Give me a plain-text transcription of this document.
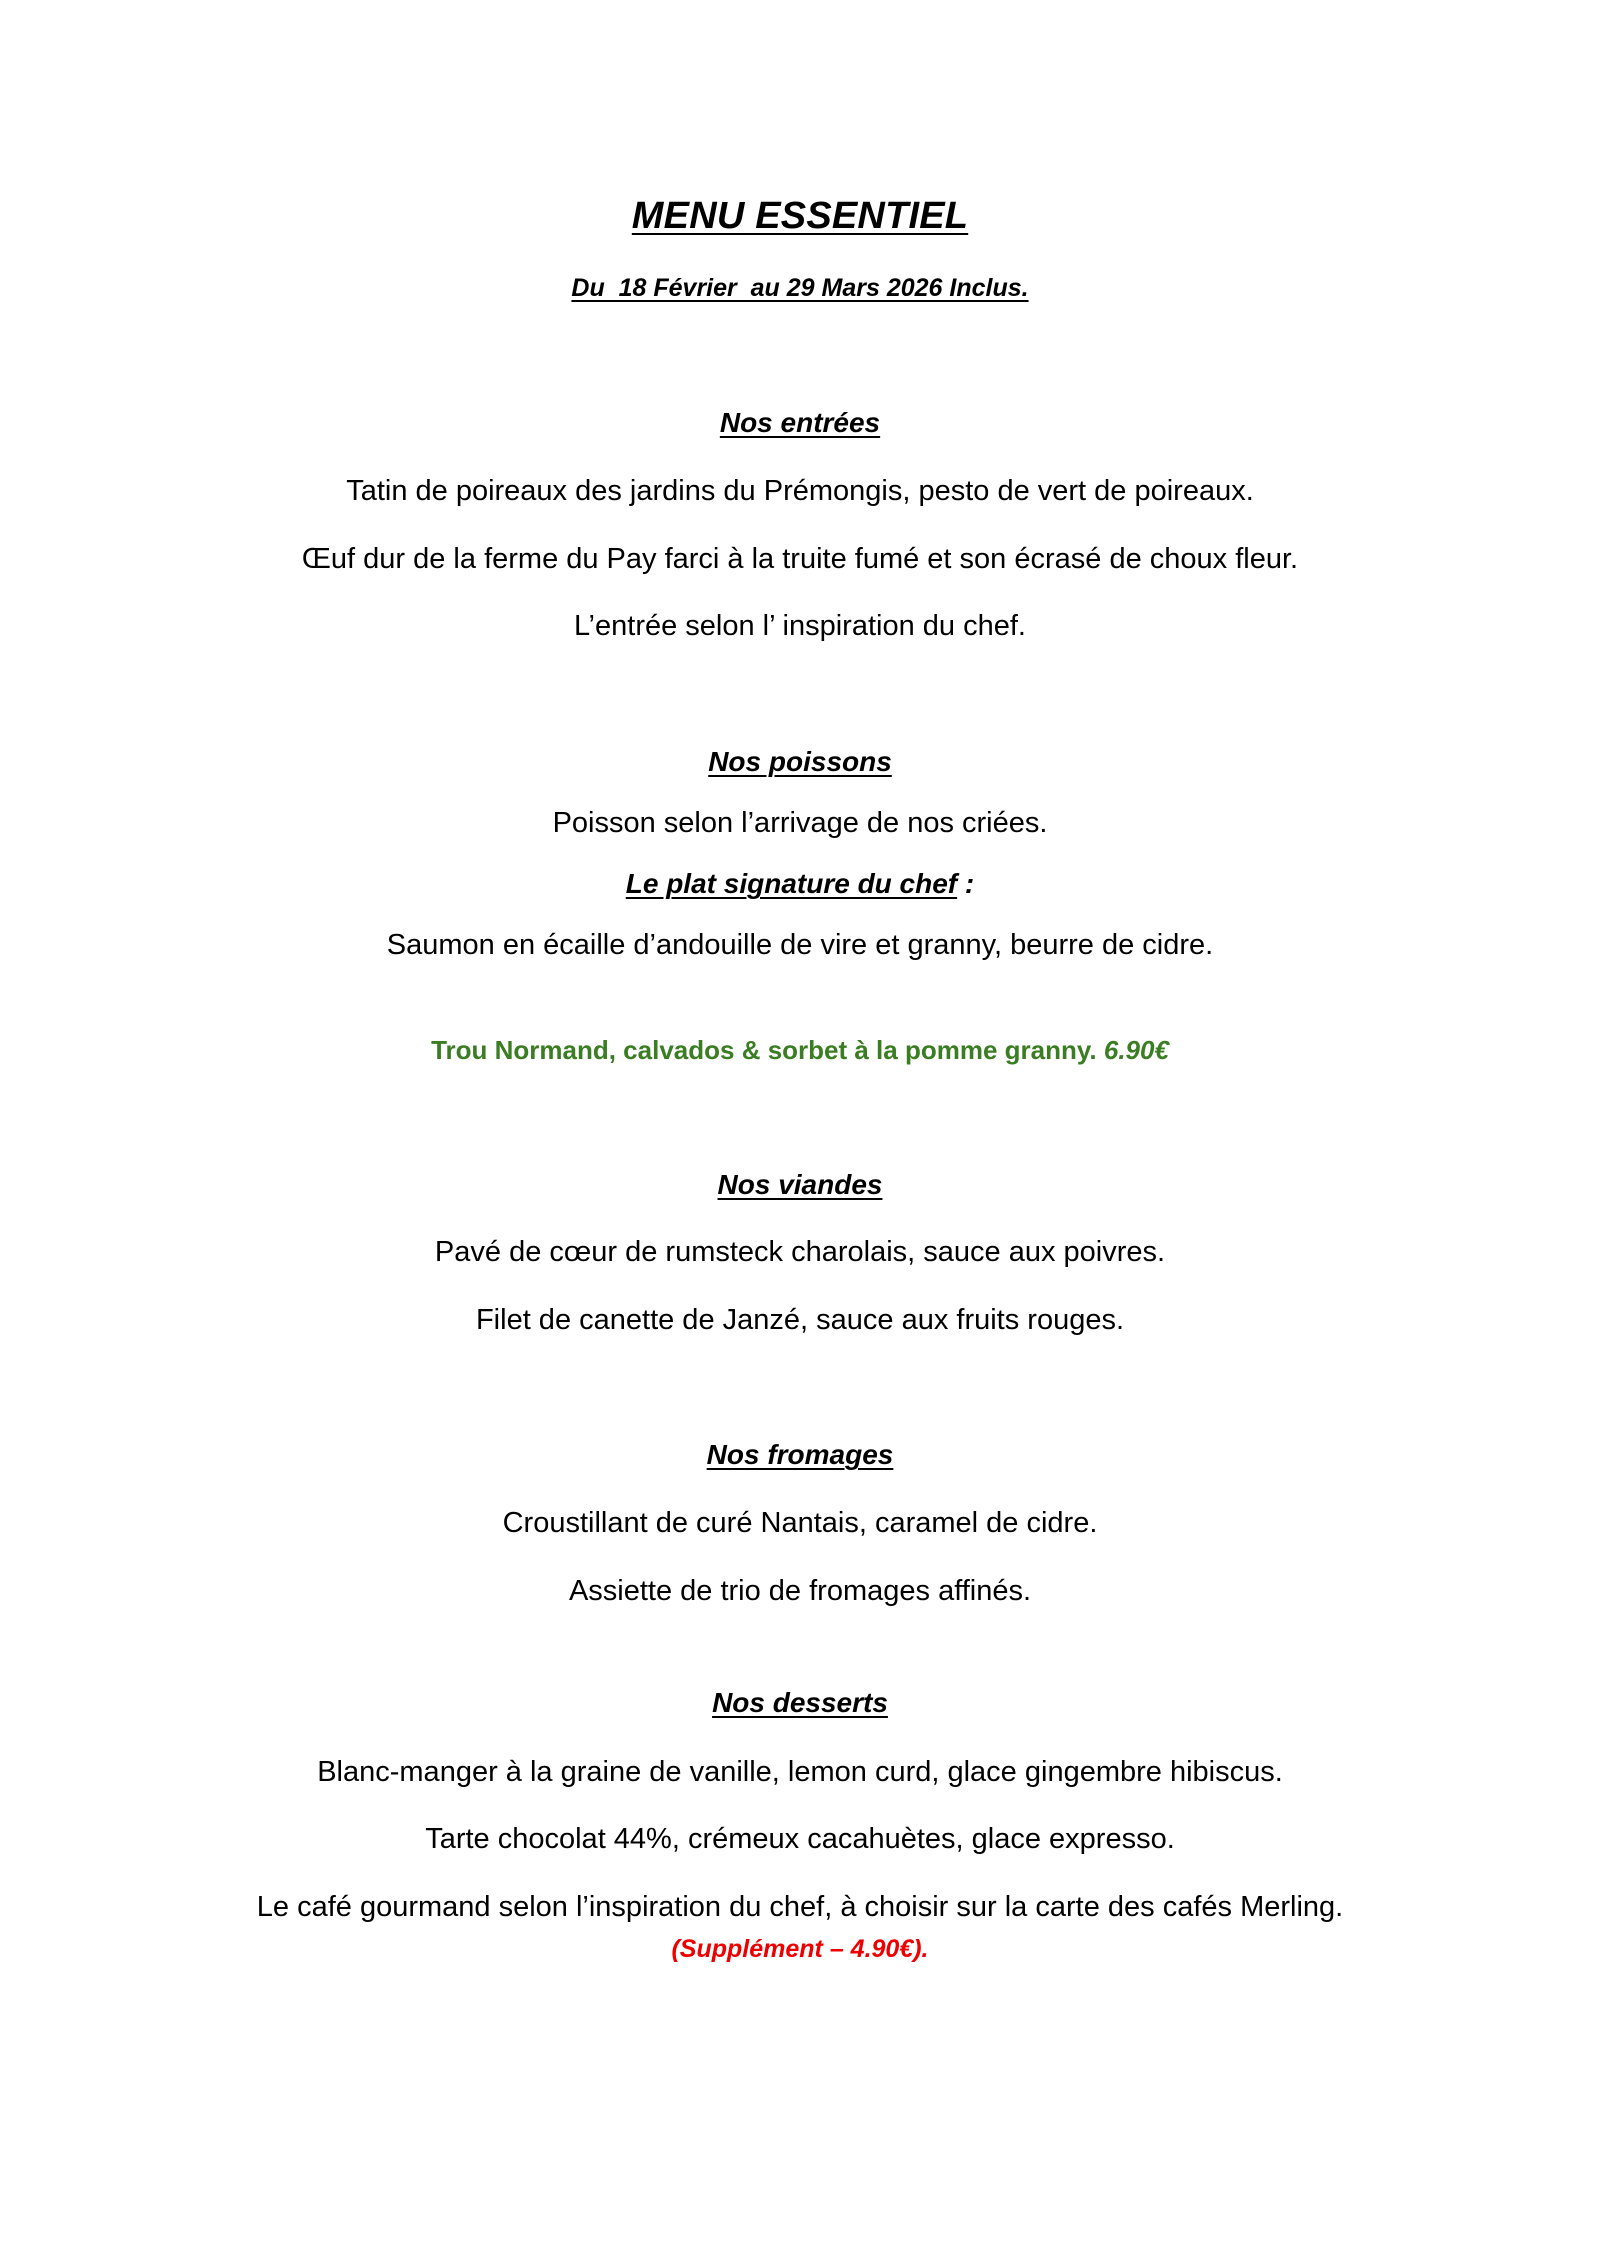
MENU ESSENTIEL
Du  18 Février  au 29 Mars 2026 Inclus.
Nos entrées
Tatin de poireaux des jardins du Prémongis, pesto de vert de poireaux.
Œuf dur de la ferme du Pay farci à la truite fumé et son écrasé de choux fleur.
L’entrée selon l’ inspiration du chef.
Nos poissons
Poisson selon l’arrivage de nos criées.
Le plat signature du chef :
Saumon en écaille d’andouille de vire et granny, beurre de cidre.
Trou Normand, calvados & sorbet à la pomme granny. 6.90€
Nos viandes
Pavé de cœur de rumsteck charolais, sauce aux poivres.
Filet de canette de Janzé, sauce aux fruits rouges.
Nos fromages
Croustillant de curé Nantais, caramel de cidre.
Assiette de trio de fromages affinés.
Nos desserts
Blanc-manger à la graine de vanille, lemon curd, glace gingembre hibiscus.
Tarte chocolat 44%, crémeux cacahuètes, glace expresso.
Le café gourmand selon l’inspiration du chef, à choisir sur la carte des cafés Merling.
(Supplément – 4.90€).
